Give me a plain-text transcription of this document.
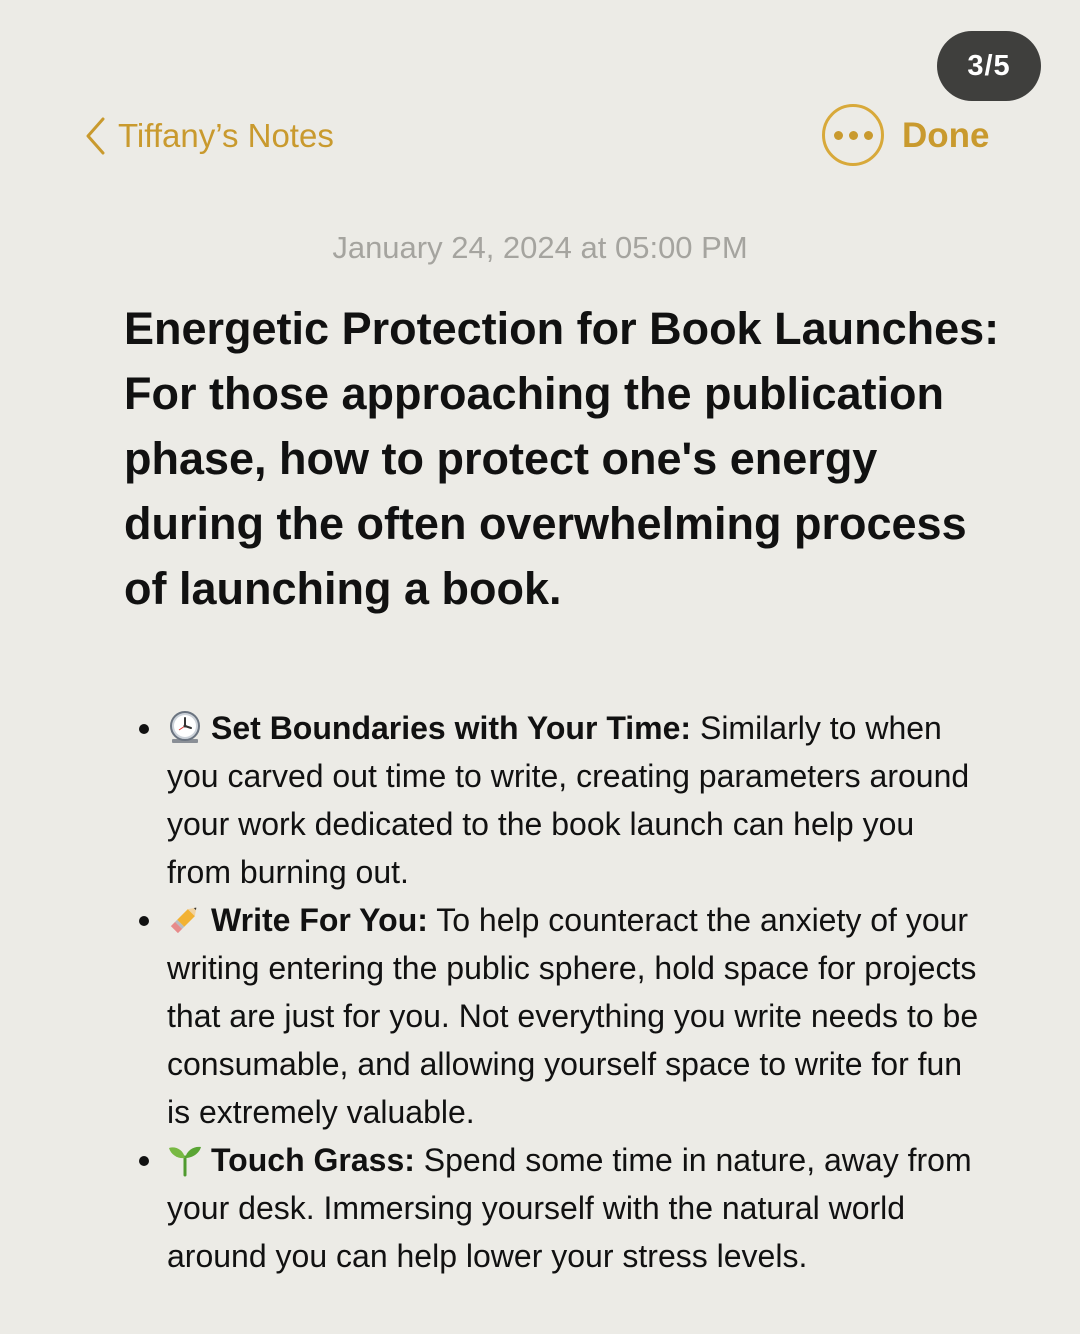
3/5
Tiffany’s Notes	Done
January 24, 2024 at 05:00 PM
Energetic Protection for Book Launches: For those approaching the publication phase, how to protect one's energy during the often overwhelming process of launching a book.
Set Boundaries with Your Time: Similarly to when you carved out time to write, creating parameters around your work dedicated to the book launch can help you from burning out.
Write For You: To help counteract the anxiety of your writing entering the public sphere, hold space for projects that are just for you. Not everything you write needs to be consumable, and allowing yourself space to write for fun is extremely valuable.
Touch Grass: Spend some time in nature, away from your desk. Immersing yourself with the natural world around you can help lower your stress levels.
